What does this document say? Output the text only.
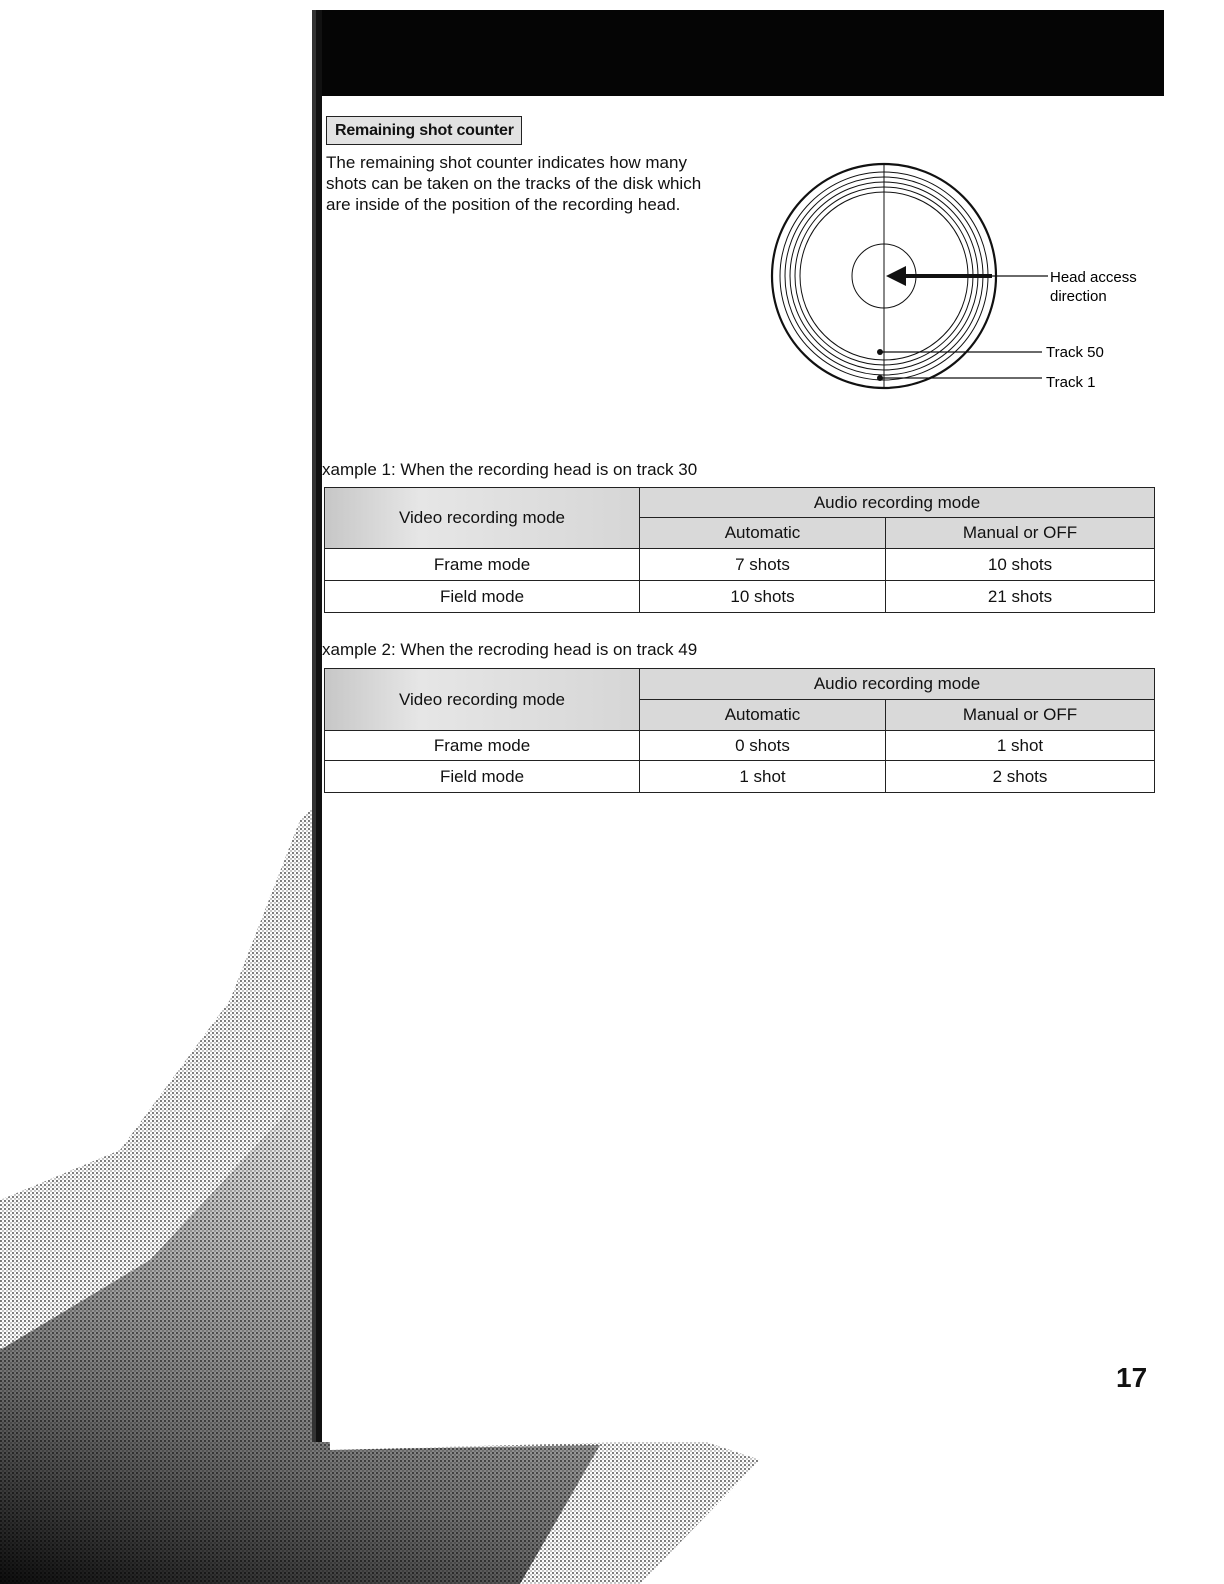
Remaining shot counter

The remaining shot counter indicates how many shots can be taken on the tracks of the disk which are inside of the position of the recording head.

Head access
direction
Track 50
Track 1
xample 1: When the recording head is on track 30
Video recording mode	Audio recording mode	
	Automatic	Manual or OFF
Frame mode	7 shots	10 shots
Field mode	10 shots	21 shots
xample 2: When the recroding head is on track 49
Video recording mode	Audio recording mode	
	Automatic	Manual or OFF
Frame mode	0 shots	1 shot
Field mode	1 shot	2 shots
17
